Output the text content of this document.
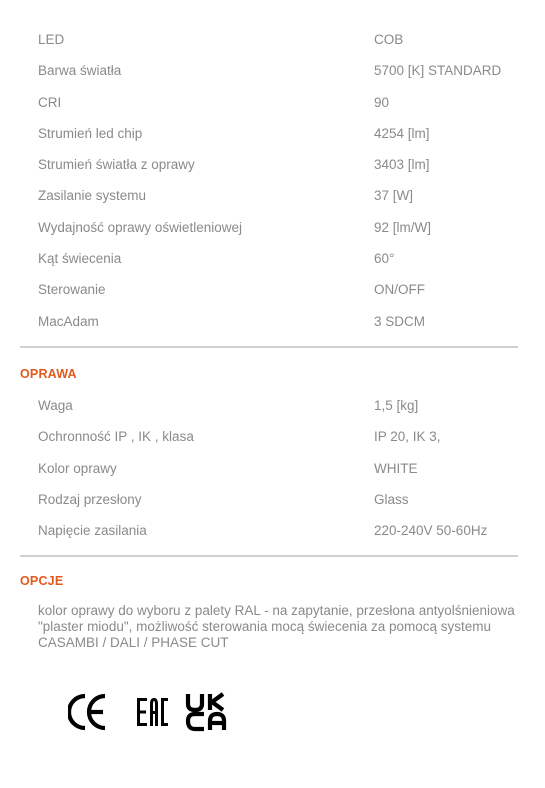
LED	COB
Barwa światła	5700 [K] STANDARD
CRI	90
Strumień led chip	4254 [lm]
Strumień światła z oprawy	3403 [lm]
Zasilanie systemu	37 [W]
Wydajność oprawy oświetleniowej	92 [lm/W]
Kąt świecenia	60°
Sterowanie	ON/OFF
MacAdam	3 SDCM
OPRAWA
Waga	1,5 [kg]
Ochronność IP , IK , klasa	IP 20, IK 3,
Kolor oprawy	WHITE
Rodzaj przesłony	Glass
Napięcie zasilania	220-240V 50-60Hz
OPCJE
kolor oprawy do wyboru z palety RAL - na zapytanie, przesłona antyolśnieniowa "plaster miodu", możliwość sterowania mocą świecenia za pomocą systemu CASAMBI / DALI / PHASE CUT
